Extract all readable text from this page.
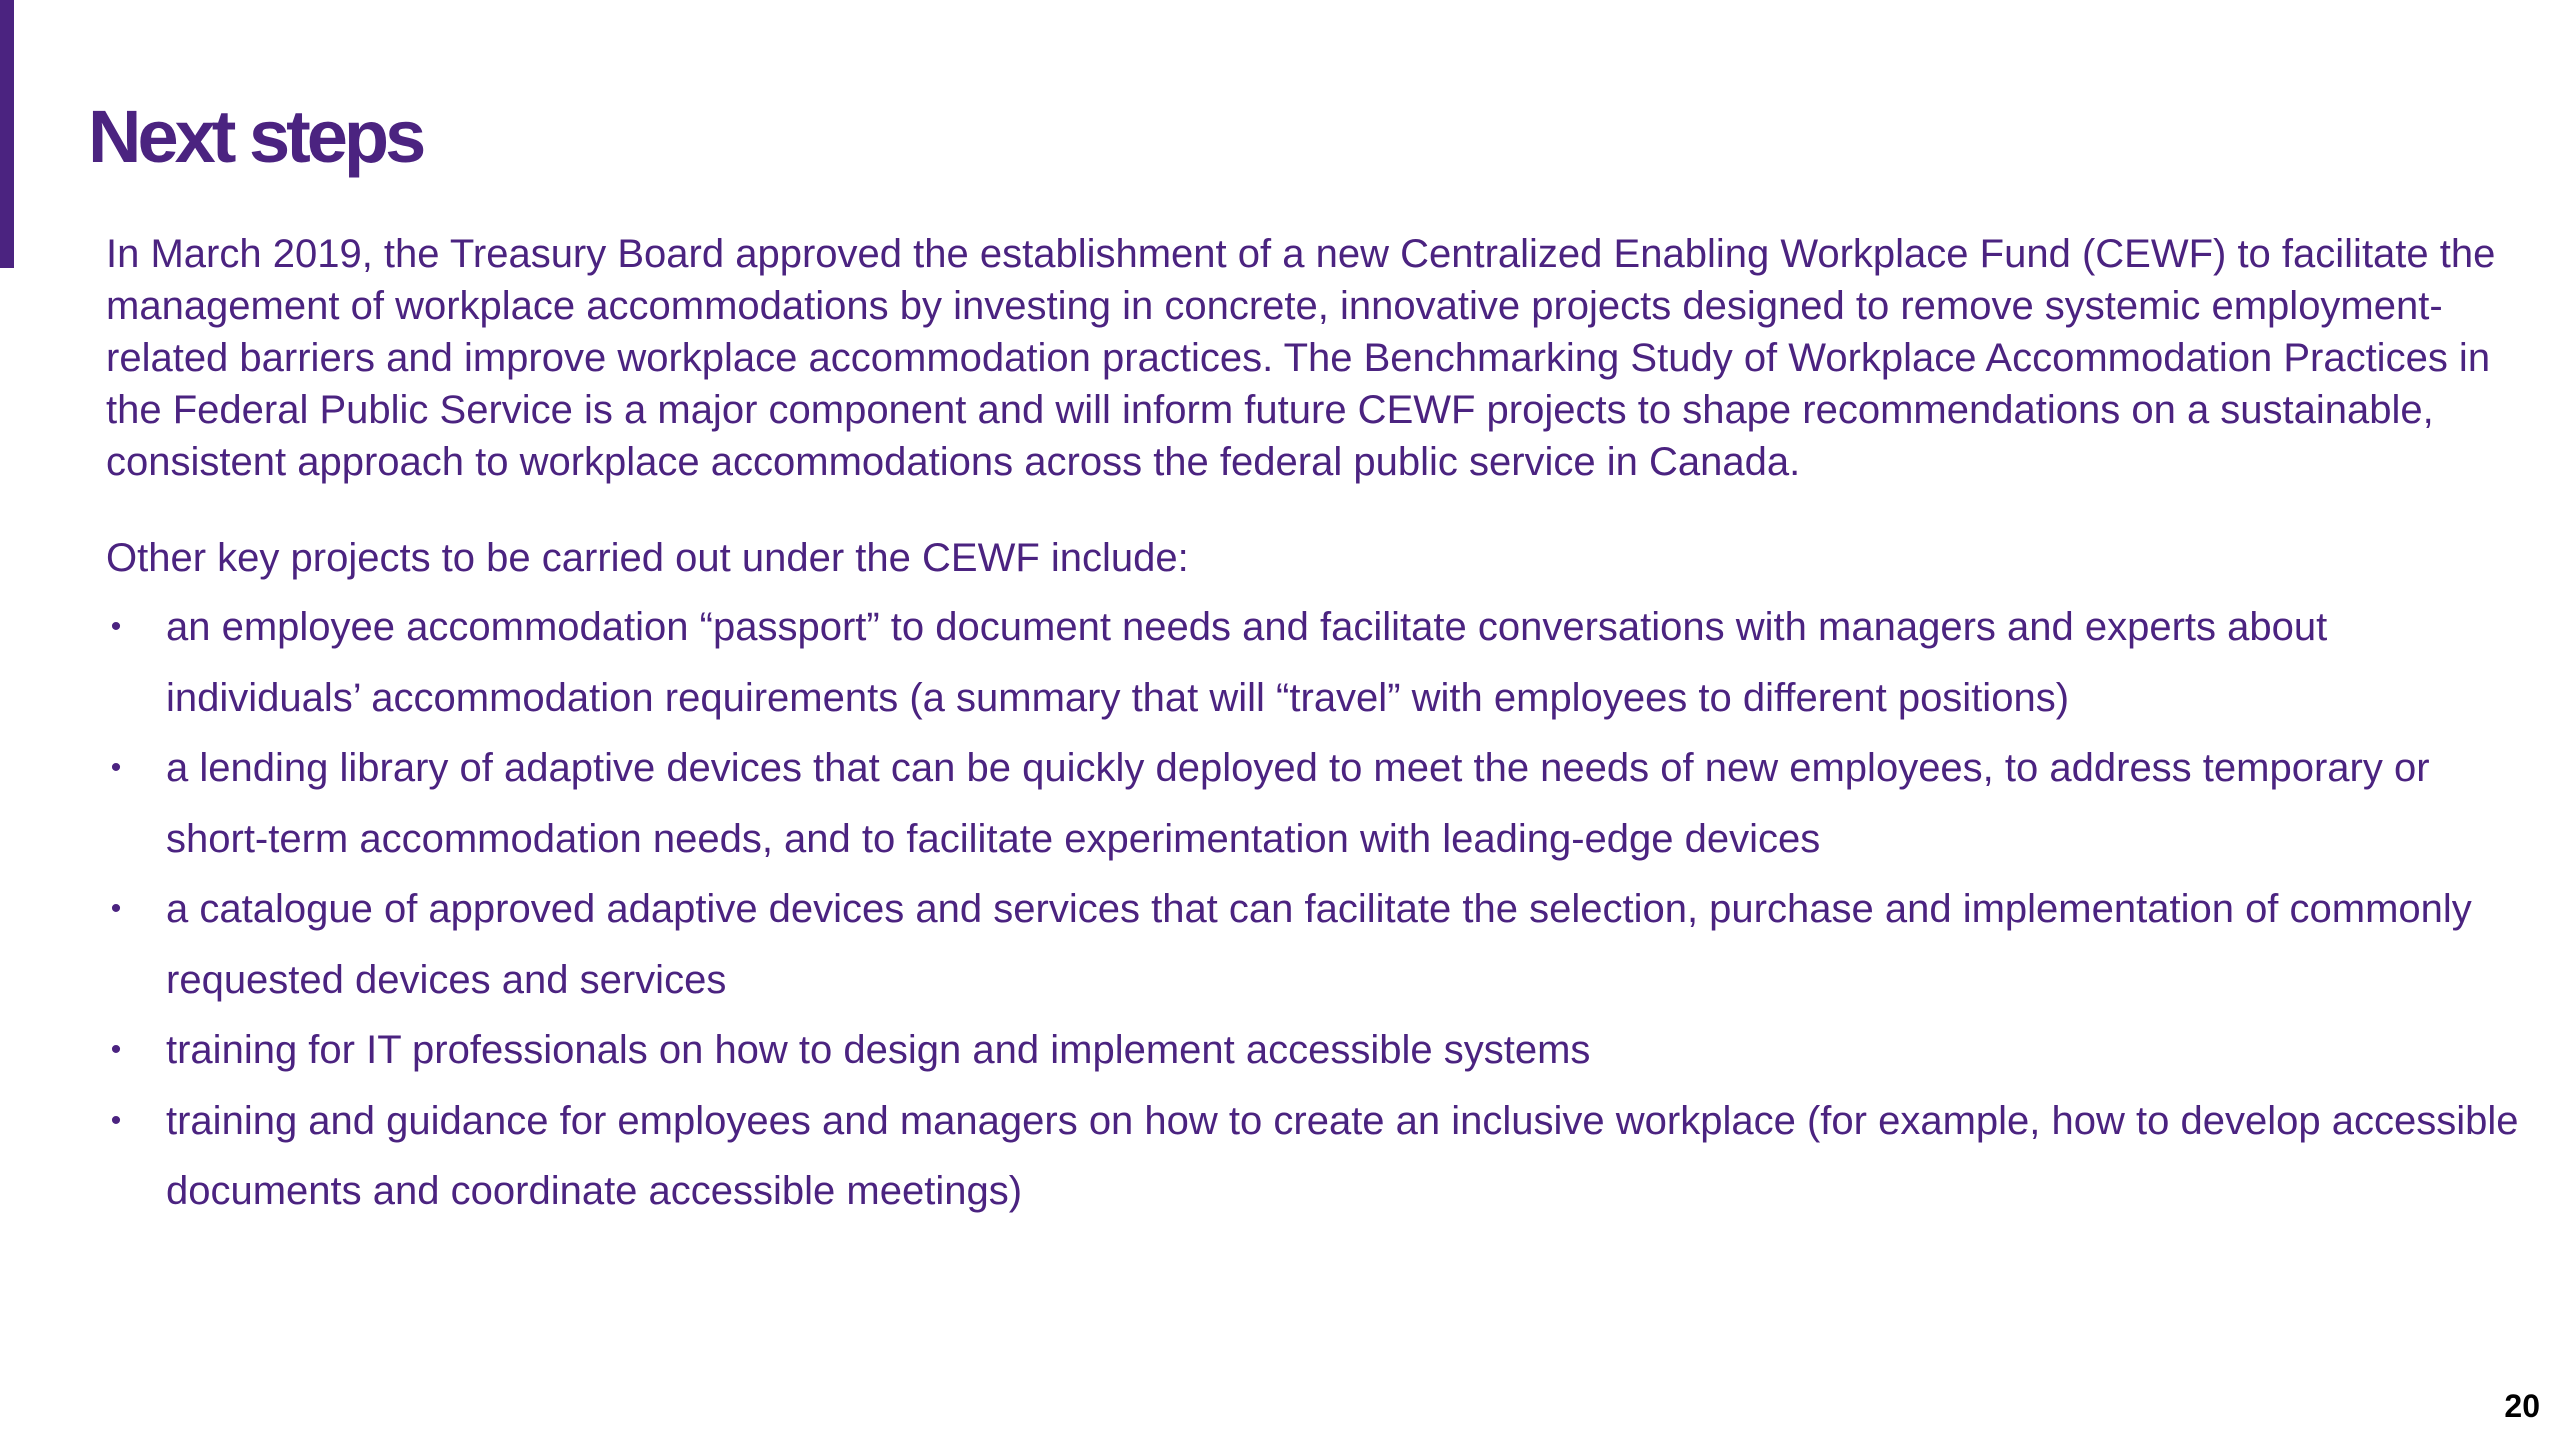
Next steps

In March 2019, the Treasury Board approved the establishment of a new Centralized Enabling Workplace Fund (CEWF) to facilitate the management of workplace accommodations by investing in concrete, innovative projects designed to remove systemic employment-related barriers and improve workplace accommodation practices. The Benchmarking Study of Workplace Accommodation Practices in the Federal Public Service is a major component and will inform future CEWF projects to shape recommendations on a sustainable, consistent approach to workplace accommodations across the federal public service in Canada.

Other key projects to be carried out under the CEWF include:

• an employee accommodation “passport” to document needs and facilitate conversations with managers and experts about individuals’ accommodation requirements (a summary that will “travel” with employees to different positions)
• a lending library of adaptive devices that can be quickly deployed to meet the needs of new employees, to address temporary or short-term accommodation needs, and to facilitate experimentation with leading-edge devices
• a catalogue of approved adaptive devices and services that can facilitate the selection, purchase and implementation of commonly requested devices and services
• training for IT professionals on how to design and implement accessible systems
• training and guidance for employees and managers on how to create an inclusive workplace (for example, how to develop accessible documents and coordinate accessible meetings)
20
